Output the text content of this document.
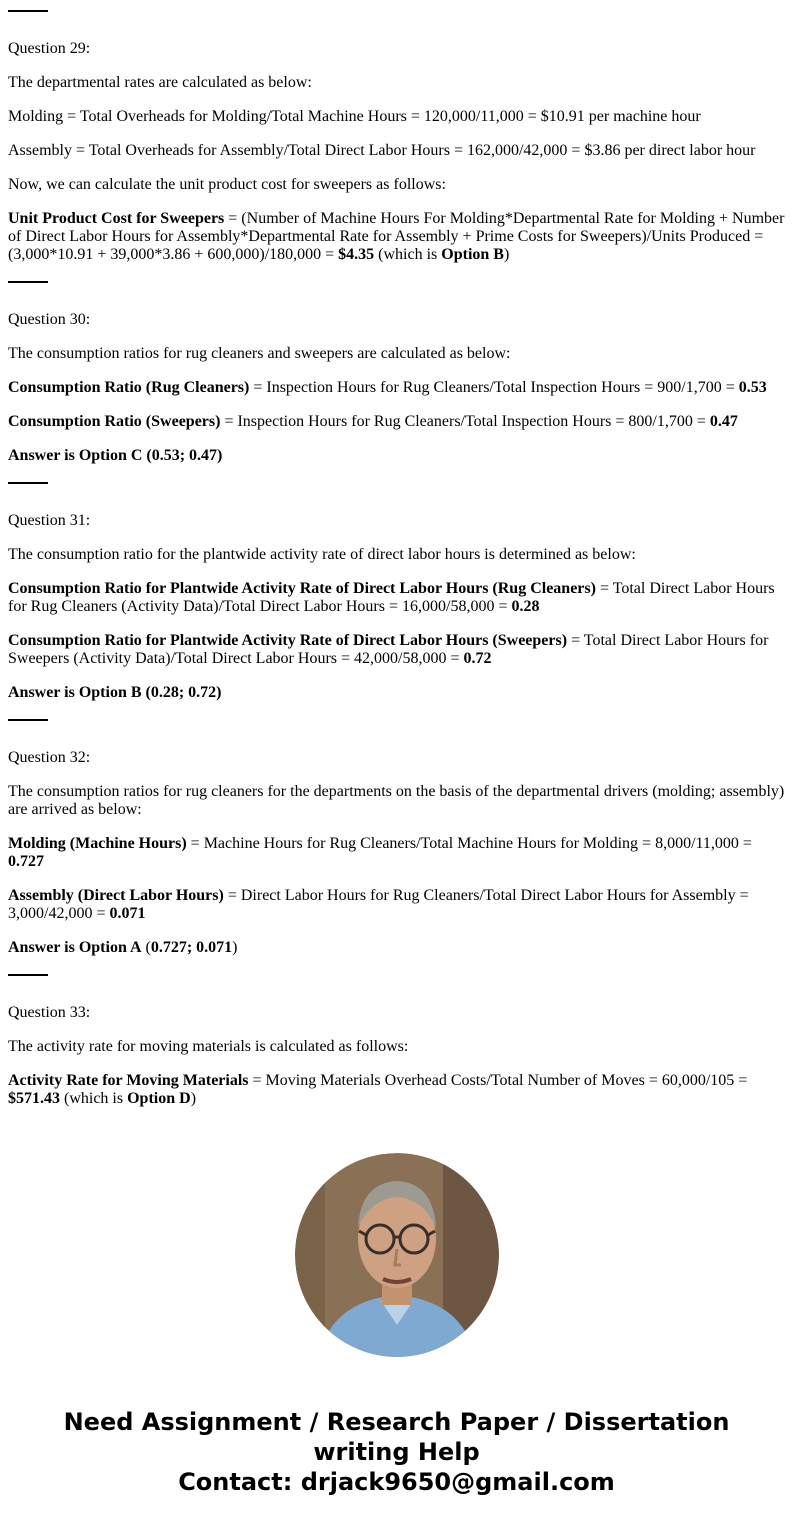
Question 29:

The departmental rates are calculated as below:

Molding = Total Overheads for Molding/Total Machine Hours = 120,000/11,000 = $10.91 per machine hour

Assembly = Total Overheads for Assembly/Total Direct Labor Hours = 162,000/42,000 = $3.86 per direct labor hour

Now, we can calculate the unit product cost for sweepers as follows:

Unit Product Cost for Sweepers = (Number of Machine Hours For Molding*Departmental Rate for Molding + Number of Direct Labor Hours for Assembly*Departmental Rate for Assembly + Prime Costs for Sweepers)/Units Produced = (3,000*10.91 + 39,000*3.86 + 600,000)/180,000 = $4.35 (which is Option B)

Question 30:

The consumption ratios for rug cleaners and sweepers are calculated as below:

Consumption Ratio (Rug Cleaners) = Inspection Hours for Rug Cleaners/Total Inspection Hours = 900/1,700 = 0.53

Consumption Ratio (Sweepers) = Inspection Hours for Rug Cleaners/Total Inspection Hours = 800/1,700 = 0.47

Answer is Option C (0.53; 0.47)

Question 31:

The consumption ratio for the plantwide activity rate of direct labor hours is determined as below:

Consumption Ratio for Plantwide Activity Rate of Direct Labor Hours (Rug Cleaners) = Total Direct Labor Hours for Rug Cleaners (Activity Data)/Total Direct Labor Hours = 16,000/58,000 = 0.28

Consumption Ratio for Plantwide Activity Rate of Direct Labor Hours (Sweepers) = Total Direct Labor Hours for Sweepers (Activity Data)/Total Direct Labor Hours = 42,000/58,000 = 0.72

Answer is Option B (0.28; 0.72)

Question 32:

The consumption ratios for rug cleaners for the departments on the basis of the departmental drivers (molding; assembly) are arrived as below:

Molding (Machine Hours) = Machine Hours for Rug Cleaners/Total Machine Hours for Molding = 8,000/11,000 = 0.727

Assembly (Direct Labor Hours) = Direct Labor Hours for Rug Cleaners/Total Direct Labor Hours for Assembly = 3,000/42,000 = 0.071

Answer is Option A (0.727; 0.071)

Question 33:

The activity rate for moving materials is calculated as follows:

Activity Rate for Moving Materials = Moving Materials Overhead Costs/Total Number of Moves = 60,000/105 = $571.43 (which is Option D)

Need Assignment / Research Paper / Dissertation
writing Help
Contact: drjack9650@gmail.com
